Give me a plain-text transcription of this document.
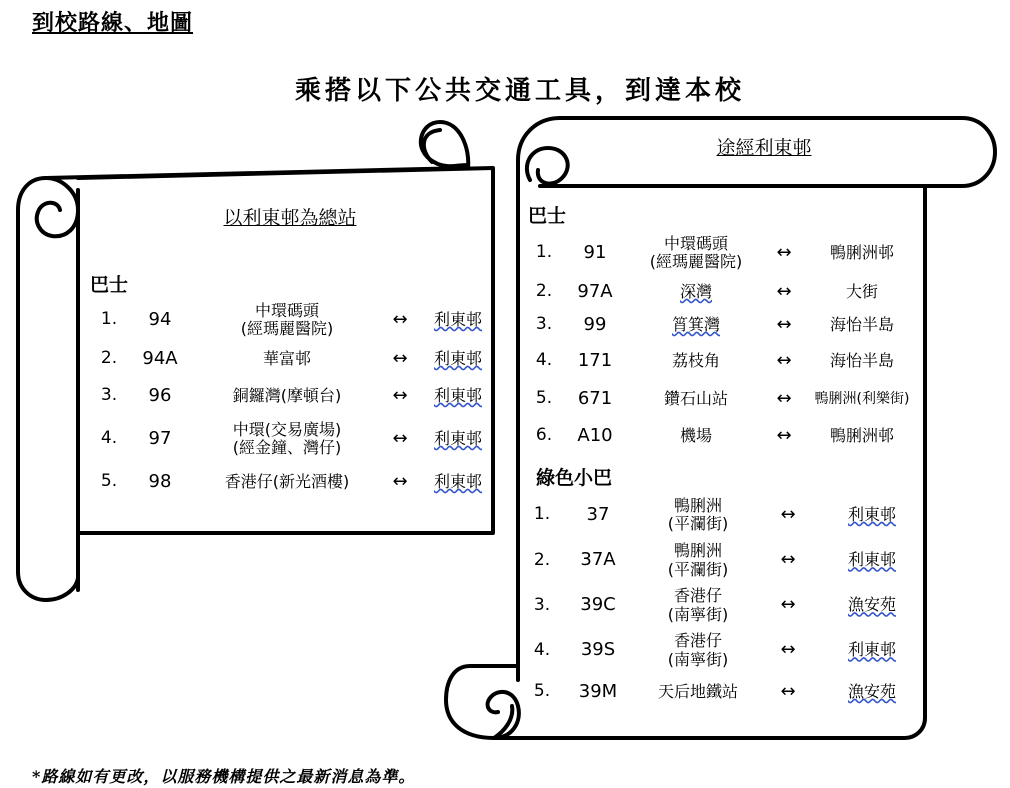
到校路線、地圖
乘搭以下公共交通工具，到達本校
以利東邨為總站
巴士
1.	94	中環碼頭
(經瑪麗醫院)	↔	利東邨
2.	94A	華富邨	↔	利東邨
3.	96	銅鑼灣(摩頓台)	↔	利東邨
4.	97	中環(交易廣場)
(經金鐘、灣仔)	↔	利東邨
5.	98	香港仔(新光酒樓)	↔	利東邨
途經利東邨
巴士
1.	91	中環碼頭
(經瑪麗醫院)	↔	鴨脷洲邨
2.	97A	深灣	↔	大街
3.	99	筲箕灣	↔	海怡半島
4.	171	荔枝角	↔	海怡半島
5.	671	鑽石山站	↔	鴨脷洲(利樂街)
6.	A10	機場	↔	鴨脷洲邨
綠色小巴
1.	37	鴨脷洲
(平瀾街)	↔	利東邨
2.	37A	鴨脷洲
(平瀾街)	↔	利東邨
3.	39C	香港仔
(南寧街)	↔	漁安苑
4.	39S	香港仔
(南寧街)	↔	利東邨
5.	39M	天后地鐵站	↔	漁安苑
*路線如有更改，以服務機構提供之最新消息為準。
